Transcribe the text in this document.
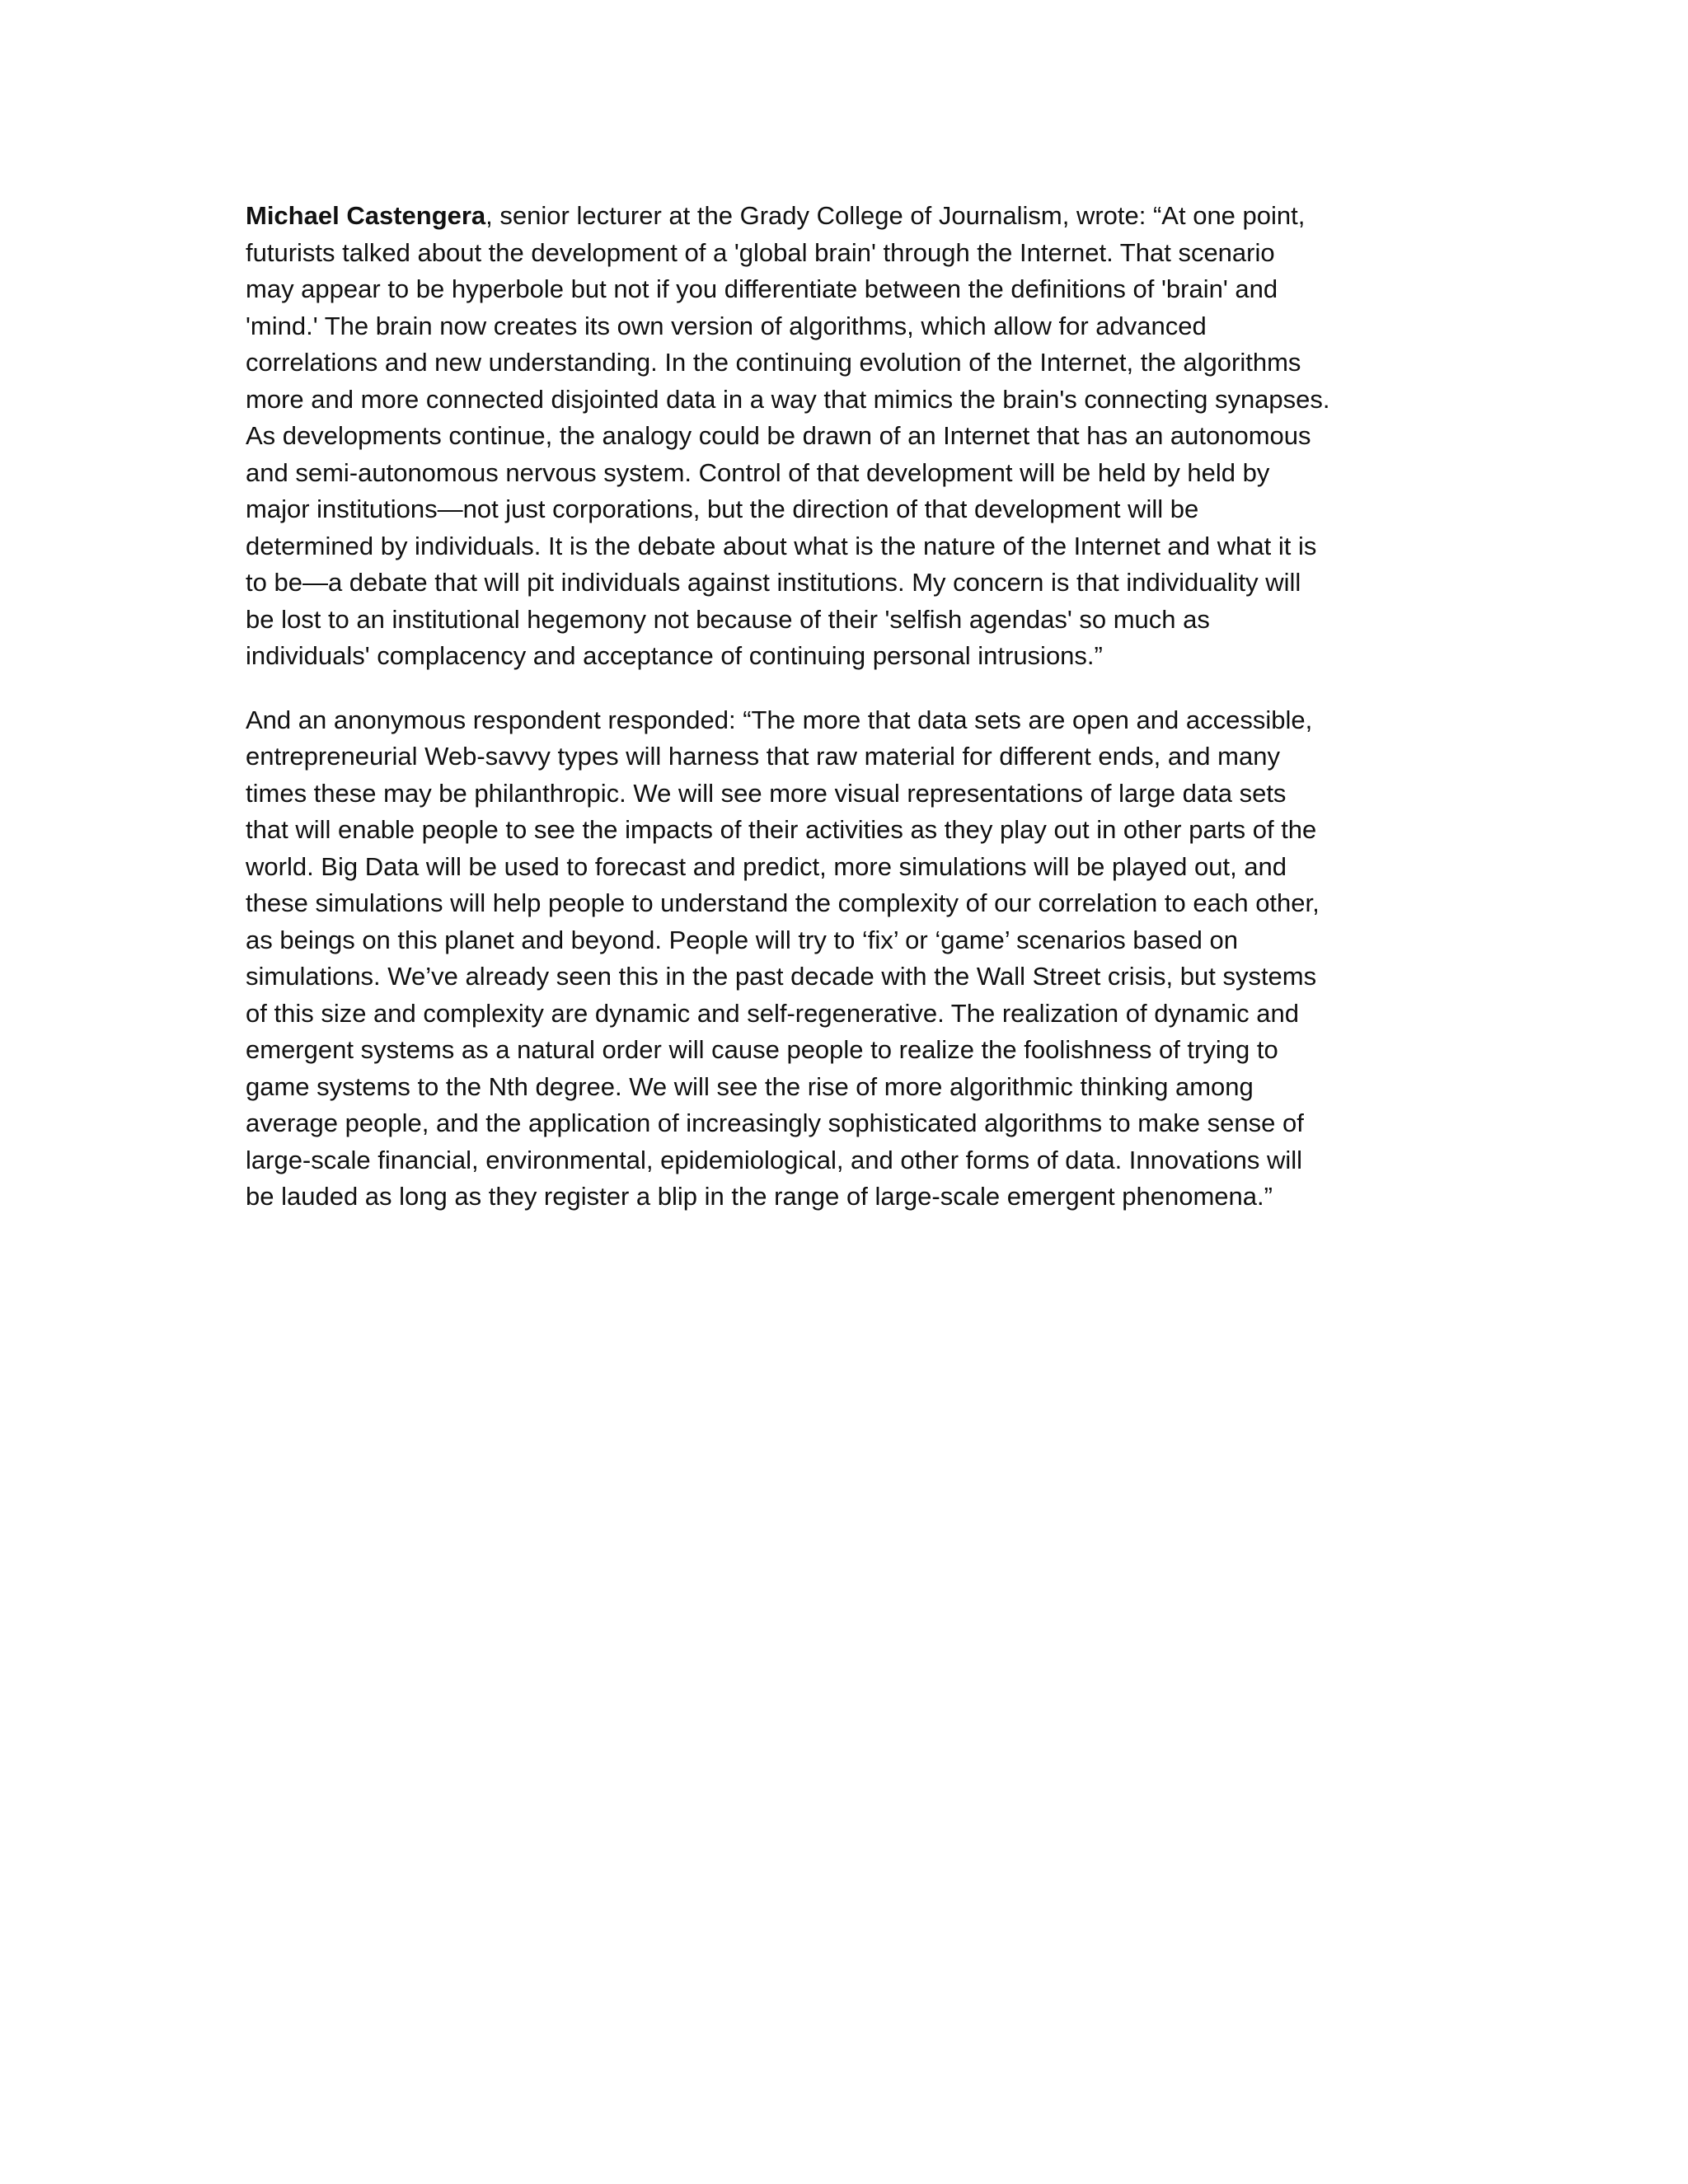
Michael Castengera, senior lecturer at the Grady College of Journalism, wrote: “At one point,
futurists talked about the development of a 'global brain' through the Internet. That scenario
may appear to be hyperbole but not if you differentiate between the definitions of 'brain' and
'mind.' The brain now creates its own version of algorithms, which allow for advanced
correlations and new understanding. In the continuing evolution of the Internet, the algorithms
more and more connected disjointed data in a way that mimics the brain's connecting synapses.
As developments continue, the analogy could be drawn of an Internet that has an autonomous
and semi-autonomous nervous system. Control of that development will be held by held by
major institutions—not just corporations, but the direction of that development will be
determined by individuals. It is the debate about what is the nature of the Internet and what it is
to be—a debate that will pit individuals against institutions. My concern is that individuality will
be lost to an institutional hegemony not because of their 'selfish agendas' so much as
individuals' complacency and acceptance of continuing personal intrusions.”

And an anonymous respondent responded: “The more that data sets are open and accessible,
entrepreneurial Web-savvy types will harness that raw material for different ends, and many
times these may be philanthropic. We will see more visual representations of large data sets
that will enable people to see the impacts of their activities as they play out in other parts of the
world. Big Data will be used to forecast and predict, more simulations will be played out, and
these simulations will help people to understand the complexity of our correlation to each other,
as beings on this planet and beyond. People will try to ‘fix’ or ‘game’ scenarios based on
simulations. We’ve already seen this in the past decade with the Wall Street crisis, but systems
of this size and complexity are dynamic and self-regenerative. The realization of dynamic and
emergent systems as a natural order will cause people to realize the foolishness of trying to
game systems to the Nth degree. We will see the rise of more algorithmic thinking among
average people, and the application of increasingly sophisticated algorithms to make sense of
large-scale financial, environmental, epidemiological, and other forms of data. Innovations will
be lauded as long as they register a blip in the range of large-scale emergent phenomena.”
